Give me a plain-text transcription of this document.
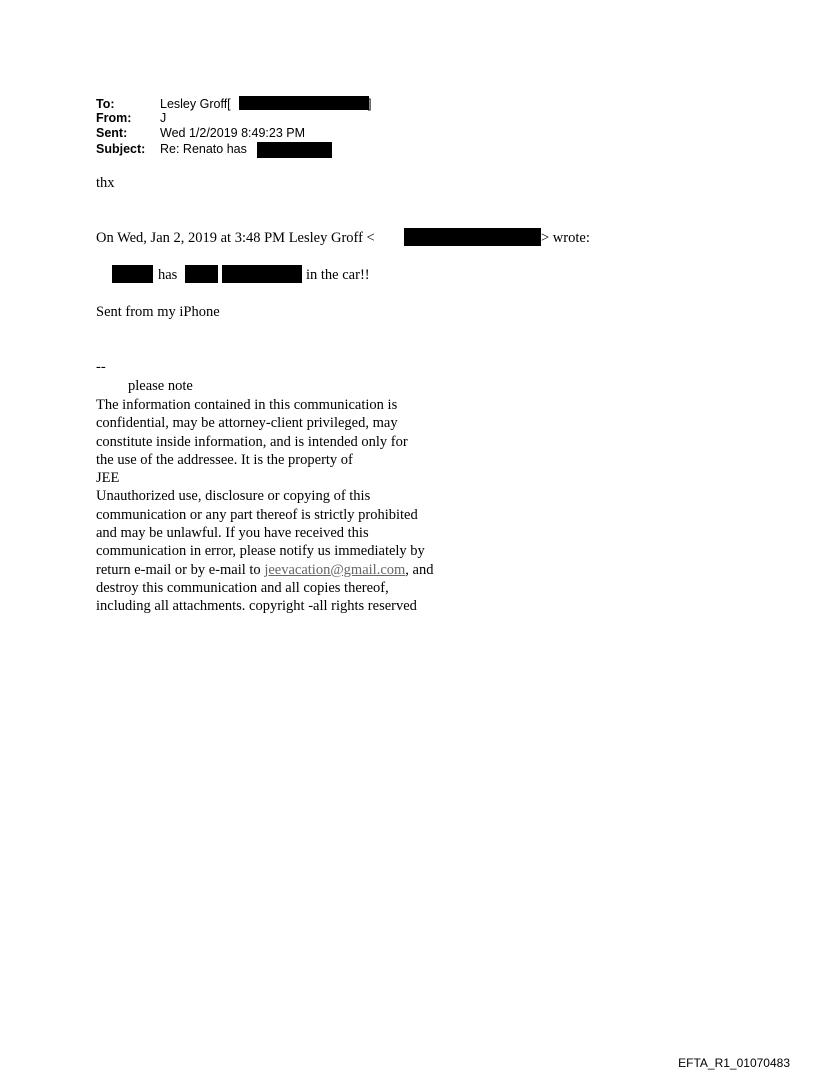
To:	Lesley Groff[	]
From: J
Sent:	Wed 1/2/2019 8:49:23 PM
Subject: Re: Renato has
thx
On Wed, Jan 2, 2019 at 3:48 PM Lesley Groff <	> wrote:
has	in the car!!
Sent from my iPhone
--
please note
The information contained in this communication is
confidential, may be attorney-client privileged, may
constitute inside information, and is intended only for
the use of the addressee. It is the property of
JEE
Unauthorized use, disclosure or copying of this
communication or any part thereof is strictly prohibited
and may be unlawful. If you have received this
communication in error, please notify us immediately by
return e-mail or by e-mail to jeevacation@gmail.com, and
destroy this communication and all copies thereof,
including all attachments. copyright -all rights reserved
EFTA_R1_01070483
